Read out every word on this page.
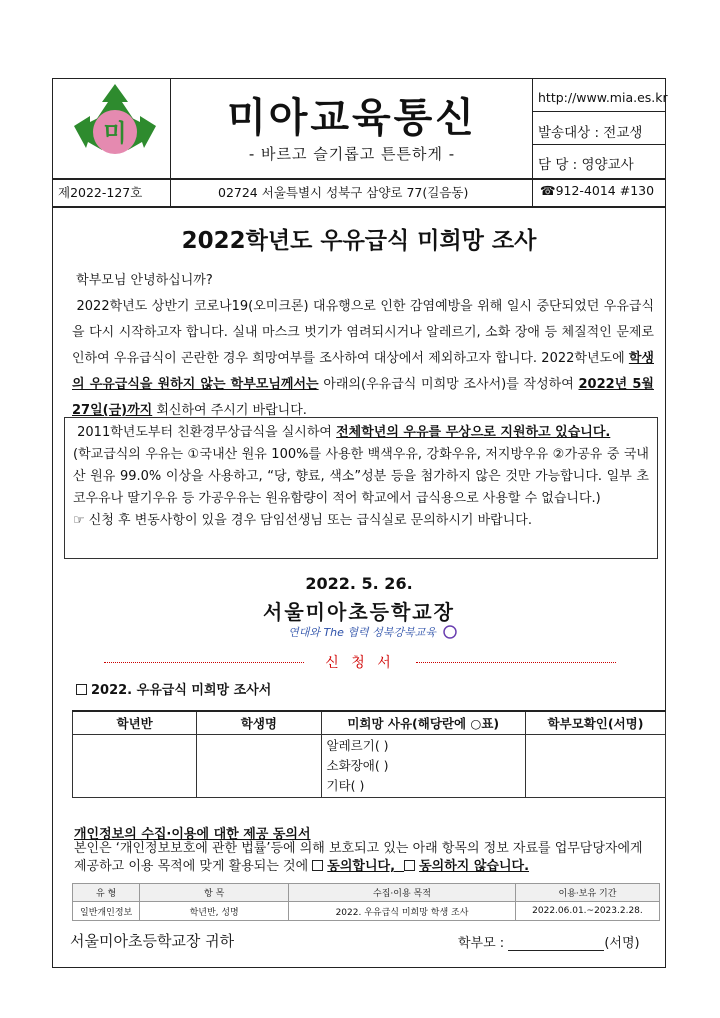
미	미아교육통신
- 바르고 슬기롭고 튼튼하게 -
http://www.mia.es.kr
발송대상 : 전교생
담 당 : 영양교사
제2022-127호	02724 서울특별시 성북구 삼양로 77(길음동)	☎912-4014 #130
2022학년도 우유급식 미희망 조사
학부모님 안녕하십니까?
2022학년도 상반기 코로나19(오미크론) 대유행으로 인한 감염예방을 위해 일시 중단되었던 우유급식을 다시 시작하고자 합니다. 실내 마스크 벗기가 염려되시거나 알레르기, 소화 장애 등 체질적인 문제로 인하여 우유급식이 곤란한 경우 희망여부를 조사하여 대상에서 제외하고자 합니다. 2022학년도에 학생의 우유급식을 원하지 않는 학부모님께서는 아래의(우유급식 미희망 조사서)를 작성하여 2022년 5월 27일(금)까지 회신하여 주시기 바랍니다.
2011학년도부터 친환경무상급식을 실시하여 전체학년의 우유를 무상으로 지원하고 있습니다.
(학교급식의 우유는 ①국내산 원유 100%를 사용한 백색우유, 강화우유, 저지방우유 ②가공유 중 국내산 원유 99.0% 이상을 사용하고, “당, 향료, 색소”성분 등을 첨가하지 않은 것만 가능합니다. 일부 초코우유나 딸기우유 등 가공우유는 원유함량이 적어 학교에서 급식용으로 사용할 수 없습니다.)
☞ 신청 후 변동사항이 있을 경우 담임선생님 또는 급식실로 문의하시기 바랍니다.
2022. 5. 26.
서울미아초등학교장
연대와 The 협력 성북강북교육
신 청 서
2022. 우유급식 미희망 조사서
학년반	학생명	미희망 사유(해당란에 ○표)	학부모확인(서명)

		알레르기( )
소화장애( )
기타( )	

개인정보의 수집·이용에 대한 제공 동의서
본인은 ‘개인정보보호에 관한 법률’등에 의해 보호되고 있는 아래 항목의 정보 자료를 업무담당자에게 제공하고 이용 목적에 맞게 활용되는 것에 동의합니다, 동의하지 않습니다.
유 형	항 목	수집·이용 목적	이용·보유 기간
일반개인정보	학년반, 성명	2022. 우유급식 미희망 학생 조사	2022.06.01.~2023.2.28.
서울미아초등학교장 귀하	학부모 :	(서명)
